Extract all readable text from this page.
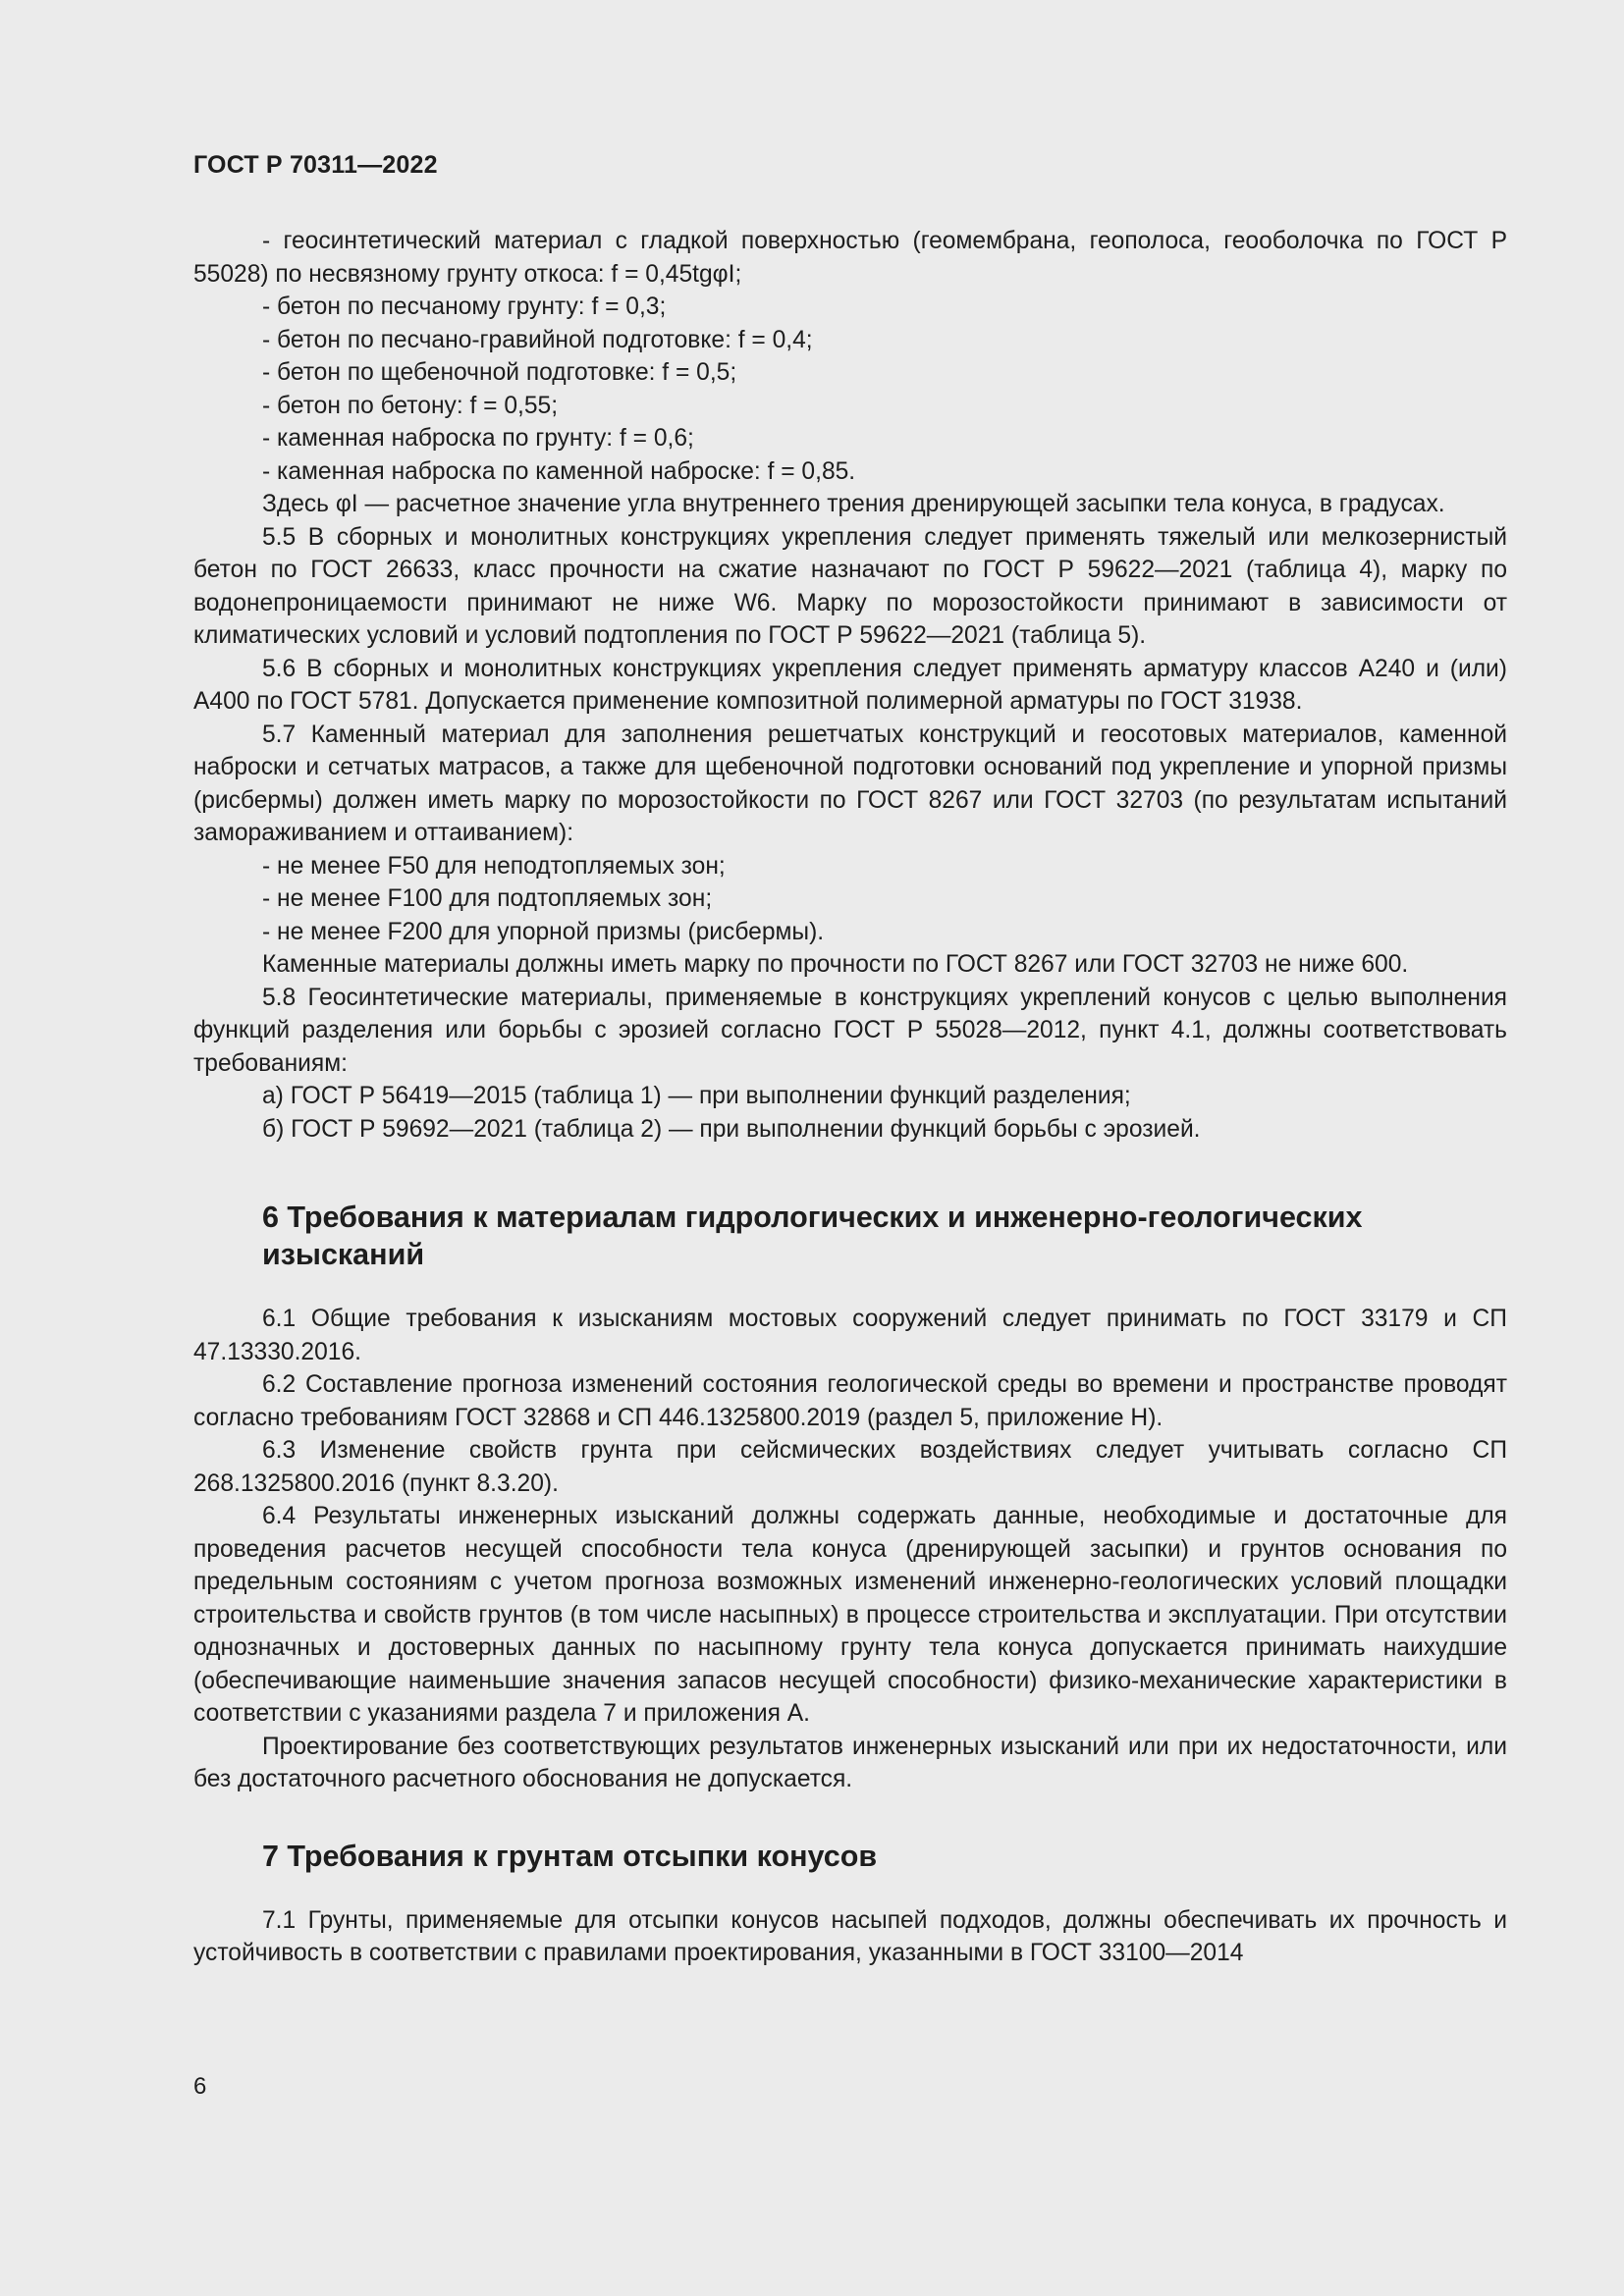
ГОСТ Р 70311—2022

- геосинтетический материал с гладкой поверхностью (геомембрана, геополоса, геооболочка по ГОСТ Р 55028) по несвязному грунту откоса: f = 0,45tgφI;

- бетон по песчаному грунту: f = 0,3;

- бетон по песчано-гравийной подготовке: f = 0,4;

- бетон по щебеночной подготовке: f = 0,5;

- бетон по бетону: f = 0,55;

- каменная наброска по грунту: f = 0,6;

- каменная наброска по каменной наброске: f = 0,85.

Здесь φI — расчетное значение угла внутреннего трения дренирующей засыпки тела конуса, в градусах.

5.5 В сборных и монолитных конструкциях укрепления следует применять тяжелый или мелкозернистый бетон по ГОСТ 26633, класс прочности на сжатие назначают по ГОСТ Р 59622—2021 (таблица 4), марку по водонепроницаемости принимают не ниже W6. Марку по морозостойкости принимают в зависимости от климатических условий и условий подтопления по ГОСТ Р 59622—2021 (таблица 5).

5.6 В сборных и монолитных конструкциях укрепления следует применять арматуру классов А240 и (или) А400 по ГОСТ 5781. Допускается применение композитной полимерной арматуры по ГОСТ 31938.

5.7 Каменный материал для заполнения решетчатых конструкций и геосотовых материалов, каменной наброски и сетчатых матрасов, а также для щебеночной подготовки оснований под укрепление и упорной призмы (рисбермы) должен иметь марку по морозостойкости по ГОСТ 8267 или ГОСТ 32703 (по результатам испытаний замораживанием и оттаиванием):

- не менее F50 для неподтопляемых зон;

- не менее F100 для подтопляемых зон;

- не менее F200 для упорной призмы (рисбермы).

Каменные материалы должны иметь марку по прочности по ГОСТ 8267 или ГОСТ 32703 не ниже 600.

5.8 Геосинтетические материалы, применяемые в конструкциях укреплений конусов с целью выполнения функций разделения или борьбы с эрозией согласно ГОСТ Р 55028—2012, пункт 4.1, должны соответствовать требованиям:

а) ГОСТ Р 56419—2015 (таблица 1) — при выполнении функций разделения;

б) ГОСТ Р 59692—2021 (таблица 2) — при выполнении функций борьбы с эрозией.

6 Требования к материалам гидрологических и инженерно-геологических изысканий

6.1 Общие требования к изысканиям мостовых сооружений следует принимать по ГОСТ 33179 и СП 47.13330.2016.

6.2 Составление прогноза изменений состояния геологической среды во времени и пространстве проводят согласно требованиям ГОСТ 32868 и СП 446.1325800.2019 (раздел 5, приложение Н).

6.3 Изменение свойств грунта при сейсмических воздействиях следует учитывать согласно СП 268.1325800.2016 (пункт 8.3.20).

6.4 Результаты инженерных изысканий должны содержать данные, необходимые и достаточные для проведения расчетов несущей способности тела конуса (дренирующей засыпки) и грунтов основания по предельным состояниям с учетом прогноза возможных изменений инженерно-геологических условий площадки строительства и свойств грунтов (в том числе насыпных) в процессе строительства и эксплуатации. При отсутствии однозначных и достоверных данных по насыпному грунту тела конуса допускается принимать наихудшие (обеспечивающие наименьшие значения запасов несущей способности) физико-механические характеристики в соответствии с указаниями раздела 7 и приложения А.

Проектирование без соответствующих результатов инженерных изысканий или при их недостаточности, или без достаточного расчетного обоснования не допускается.

7 Требования к грунтам отсыпки конусов

7.1 Грунты, применяемые для отсыпки конусов насыпей подходов, должны обеспечивать их прочность и устойчивость в соответствии с правилами проектирования, указанными в ГОСТ 33100—2014

6
